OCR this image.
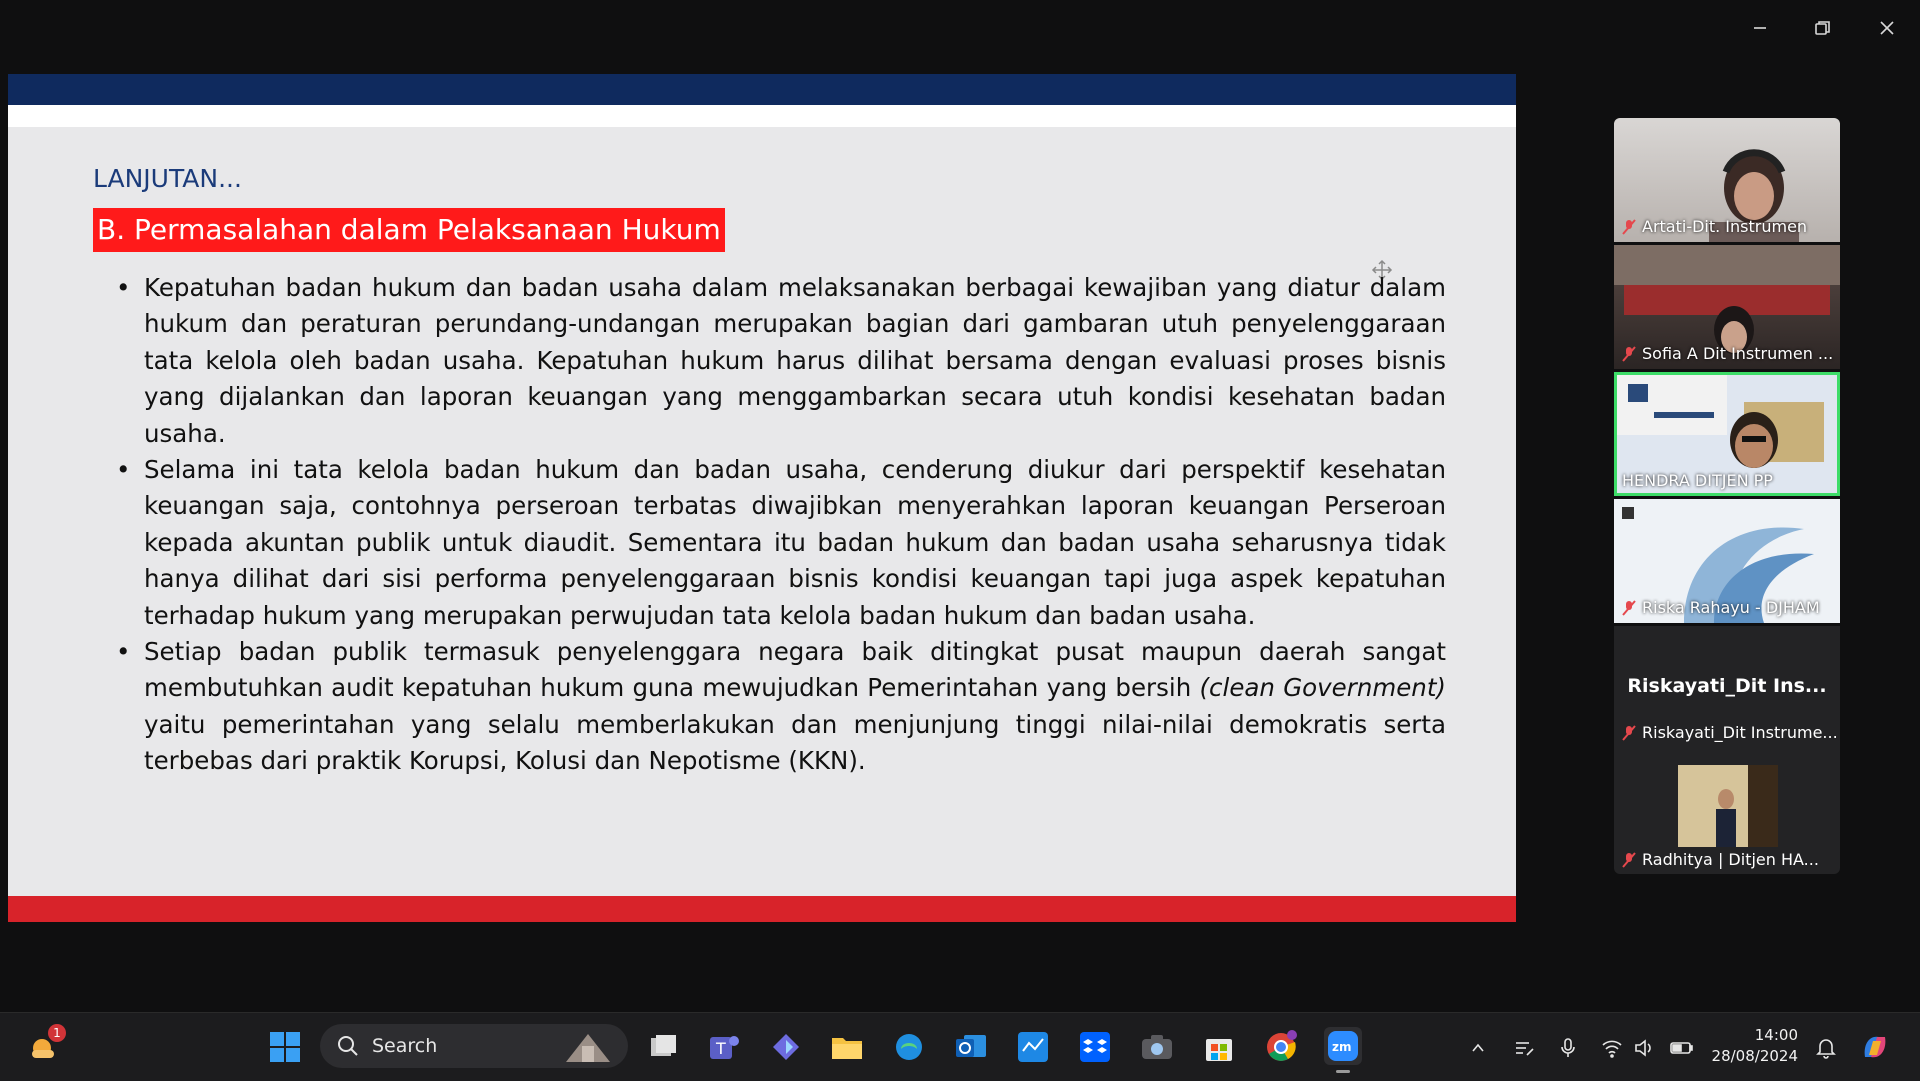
LANJUTAN...
B. Permasalahan dalam Pelaksanaan Hukum
• Kepatuhan badan hukum dan badan usaha dalam melaksanakan berbagai kewajiban yang diatur dalam hukum dan peraturan perundang-undangan merupakan bagian dari gambaran utuh penyelenggaraan tata kelola oleh badan usaha. Kepatuhan hukum harus dilihat bersama dengan evaluasi proses bisnis yang dijalankan dan laporan keuangan yang menggambarkan secara utuh kondisi kesehatan badan usaha.
• Selama ini tata kelola badan hukum dan badan usaha, cenderung diukur dari perspektif kesehatan keuangan saja, contohnya perseroan terbatas diwajibkan menyerahkan laporan keuangan Perseroan kepada akuntan publik untuk diaudit. Sementara itu badan hukum dan badan usaha seharusnya tidak hanya dilihat dari sisi performa penyelenggaraan bisnis kondisi keuangan tapi juga aspek kepatuhan terhadap hukum yang merupakan perwujudan tata kelola badan hukum dan badan usaha.
• Setiap badan publik termasuk penyelenggara negara baik ditingkat pusat maupun daerah sangat membutuhkan audit kepatuhan hukum guna mewujudkan Pemerintahan yang bersih (clean Government) yaitu pemerintahan yang selalu memberlakukan dan menjunjung tinggi nilai-nilai demokratis serta terbebas dari praktik Korupsi, Kolusi dan Nepotisme (KKN).
Artati-Dit. Instrumen
Sofia A Dit Instrumen ...
HENDRA DITJEN PP
Riska Rahayu - DJHAM
Riskayati_Dit Ins...
Riskayati_Dit Instrume...
Radhitya | Ditjen HA...
1
Search	T	zm
14:00
28/08/2024
